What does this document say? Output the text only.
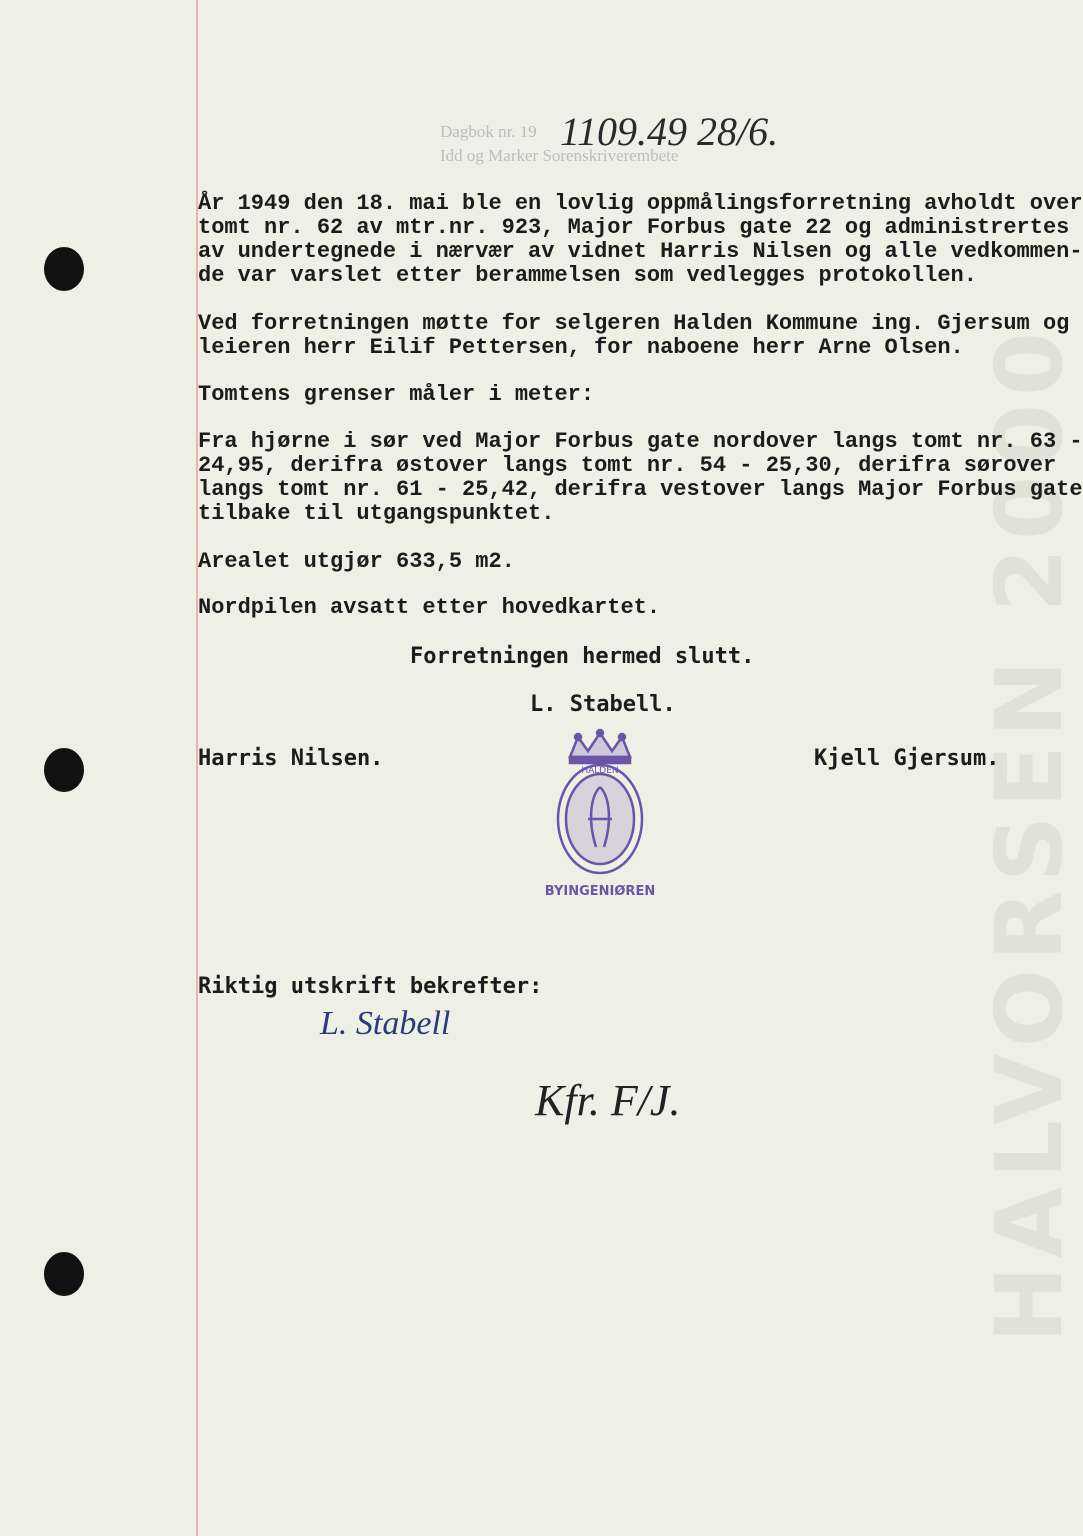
HALVORSEN 2000
Dagbok nr. 19
Idd og Marker Sorenskriverembete
1109.49 28/6.
År 1949 den 18. mai ble en lovlig oppmålingsforretning avholdt over
tomt nr. 62 av mtr.nr. 923, Major Forbus gate 22 og administrertes
av undertegnede i nærvær av vidnet Harris Nilsen og alle vedkommen-
de var varslet etter berammelsen som vedlegges protokollen.
Ved forretningen møtte for selgeren Halden Kommune ing. Gjersum og
leieren herr Eilif Pettersen, for naboene herr Arne Olsen.
Tomtens grenser måler i meter:
Fra hjørne i sør ved Major Forbus gate nordover langs tomt nr. 63 -
24,95, derifra østover langs tomt nr. 54 - 25,30, derifra sørover
langs tomt nr. 61 - 25,42, derifra vestover langs Major Forbus gate
tilbake til utgangspunktet.
Arealet utgjør 633,5 m2.
Nordpilen avsatt etter hovedkartet.
Forretningen hermed slutt.
L. Stabell.
Harris Nilsen.	Kjell Gjersum.
HALDEN
BYINGENIØREN
Riktig utskrift bekrefter:
L. Stabell
Kfr. F/J.
